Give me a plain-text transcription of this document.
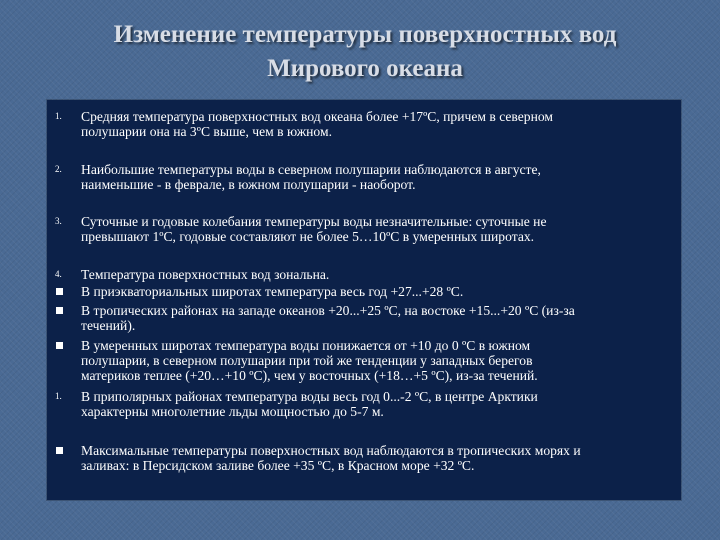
Изменение температуры поверхностных вод
Мирового океана
1.	Средняя температура поверхностных вод океана более +17ºС, причем в северном
полушарии она на 3ºС выше, чем в южном.
2.	Наибольшие температуры воды в северном полушарии наблюдаются в августе,
наименьшие - в феврале, в южном полушарии - наоборот.
3.	Суточные и годовые колебания температуры воды незначительные: суточные не
превышают 1ºС, годовые составляют не более 5…10ºС в умеренных широтах.
4.	Температура поверхностных вод зональна.
В приэкваториальных широтах температура весь год +27...+28 ºС.
В тропических районах на западе океанов +20...+25 ºС, на востоке +15...+20 ºС (из-за
течений).
В умеренных широтах температура воды понижается от +10 до 0 ºС в южном
полушарии, в северном полушарии при той же тенденции у западных берегов
материков теплее (+20…+10 ºС), чем у восточных (+18…+5 ºС), из-за течений.
1.	В приполярных районах температура воды весь год 0...-2 ºС, в центре Арктики
характерны многолетние льды мощностью до 5-7 м.
Максимальные температуры поверхностных вод наблюдаются в тропических морях и
заливах: в Персидском заливе более +35 ºС, в Красном море +32 ºС.
